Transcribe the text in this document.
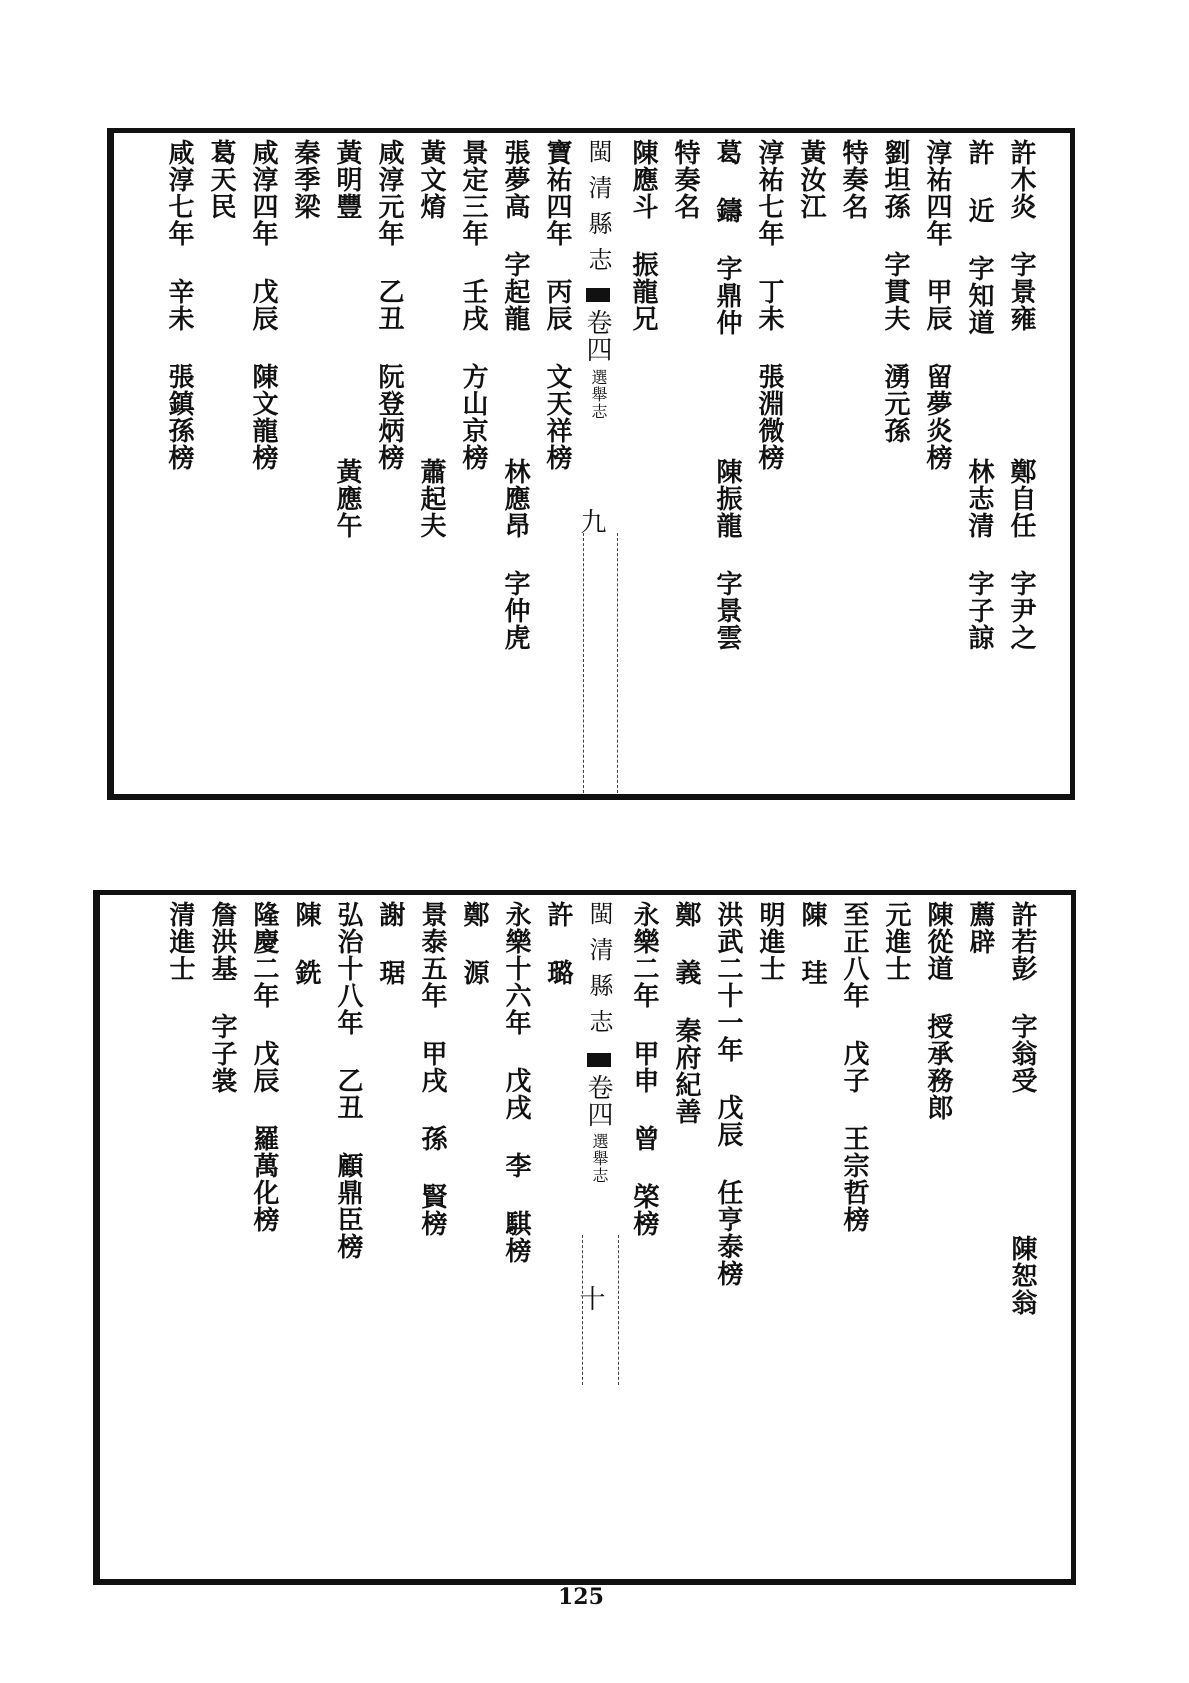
許木炎 字景雍
許 近 字知道
淳祐四年 甲辰 留夢炎榜
劉坦孫 字貫夫 湧元孫
特奏名
黃汝江
淳祐七年 丁未 張淵微榜
葛 鑄 字鼎仲
特奏名
陳應斗 振龍兄
鄭自任 字尹之
林志清 字子諒
陳振龍 字景雲
閩清縣志
卷四
選舉志
九
寶祐四年 丙辰 文天祥榜
張夢高 字起龍
景定三年 壬戌 方山京榜
黃文焴
咸淳元年 乙丑 阮登炳榜
黃明豐
秦季梁
咸淳四年 戊辰 陳文龍榜
葛天民
咸淳七年 辛未 張鎮孫榜
林應昂 字仲虎
蕭起夫
黃應午
許若彭 字翁受
薦辟
陳從道 授承務郎
元進士
至正八年 戊子 王宗哲榜
陳 珪
明進士
洪武二十一年 戊辰 任亨泰榜
鄭 義 秦府紀善
永樂二年 甲申 曾 棨榜
陳恕翁
閩清縣志
卷四
選舉志
十
許 璐
永樂十六年 戊戌 李 騏榜
鄭 源
景泰五年 甲戌 孫 賢榜
謝 琚
弘治十八年 乙丑 顧鼎臣榜
陳 銑
隆慶二年 戊辰 羅萬化榜
詹洪基 字子裳
清進士
125
